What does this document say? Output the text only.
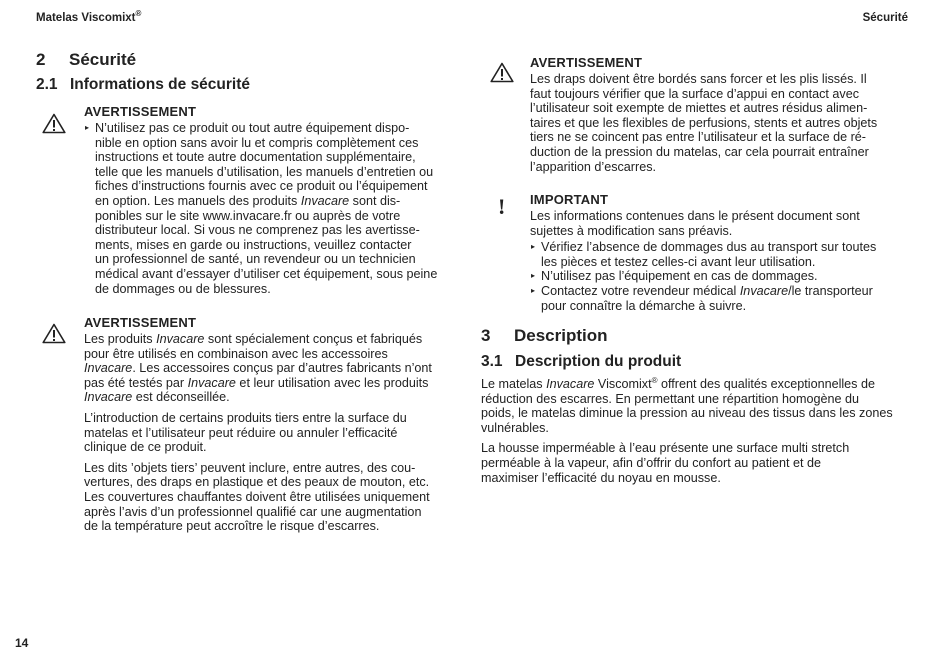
Matelas Viscomixt®	Sécurité
2 Sécurité
2.1 Informations de sécurité
AVERTISSEMENT
▸ N’utilisez pas ce produit ou tout autre équipement dispo-
nible en option sans avoir lu et compris complètement ces
instructions et toute autre documentation supplémentaire,
telle que les manuels d’utilisation, les manuels d’entretien ou
fiches d’instructions fournis avec ce produit ou l’équipement
en option. Les manuels des produits Invacare sont dis-
ponibles sur le site www.invacare.fr ou auprès de votre
distributeur local. Si vous ne comprenez pas les avertisse-
ments, mises en garde ou instructions, veuillez contacter
un professionnel de santé, un revendeur ou un technicien
médical avant d’essayer d’utiliser cet équipement, sous peine
de dommages ou de blessures.
AVERTISSEMENT

Les produits Invacare sont spécialement conçus et fabriqués
pour être utilisés en combinaison avec les accessoires
Invacare. Les accessoires conçus par d’autres fabricants n’ont
pas été testés par Invacare et leur utilisation avec les produits
Invacare est déconseillée.

L’introduction de certains produits tiers entre la surface du
matelas et l’utilisateur peut réduire ou annuler l’efficacité
clinique de ce produit.

Les dits ’objets tiers’ peuvent inclure, entre autres, des cou-
vertures, des draps en plastique et des peaux de mouton, etc.
Les couvertures chauffantes doivent être utilisées uniquement
après l’avis d’un professionnel qualifié car une augmentation
de la température peut accroître le risque d’escarres.

AVERTISSEMENT

Les draps doivent être bordés sans forcer et les plis lissés. Il
faut toujours vérifier que la surface d’appui en contact avec
l’utilisateur soit exempte de miettes et autres résidus alimen-
taires et que les flexibles de perfusions, stents et autres objets
tiers ne se coincent pas entre l’utilisateur et la surface de ré-
duction de la pression du matelas, car cela pourrait entraîner
l’apparition d’escarres.

! IMPORTANT

Les informations contenues dans le présent document sont
sujettes à modification sans préavis.

▸ Vérifiez l’absence de dommages dus au transport sur toutes
les pièces et testez celles-ci avant leur utilisation.
▸ N’utilisez pas l’équipement en cas de dommages.
▸ Contactez votre revendeur médical Invacare/le transporteur
pour connaître la démarche à suivre.
3 Description
3.1 Description du produit

Le matelas Invacare Viscomixt® offrent des qualités exceptionnelles de
réduction des escarres. En permettant une répartition homogène du
poids, le matelas diminue la pression au niveau des tissus dans les zones
vulnérables.

La housse imperméable à l’eau présente une surface multi stretch
perméable à la vapeur, afin d’offrir du confort au patient et de
maximiser l’efficacité du noyau en mousse.

14
